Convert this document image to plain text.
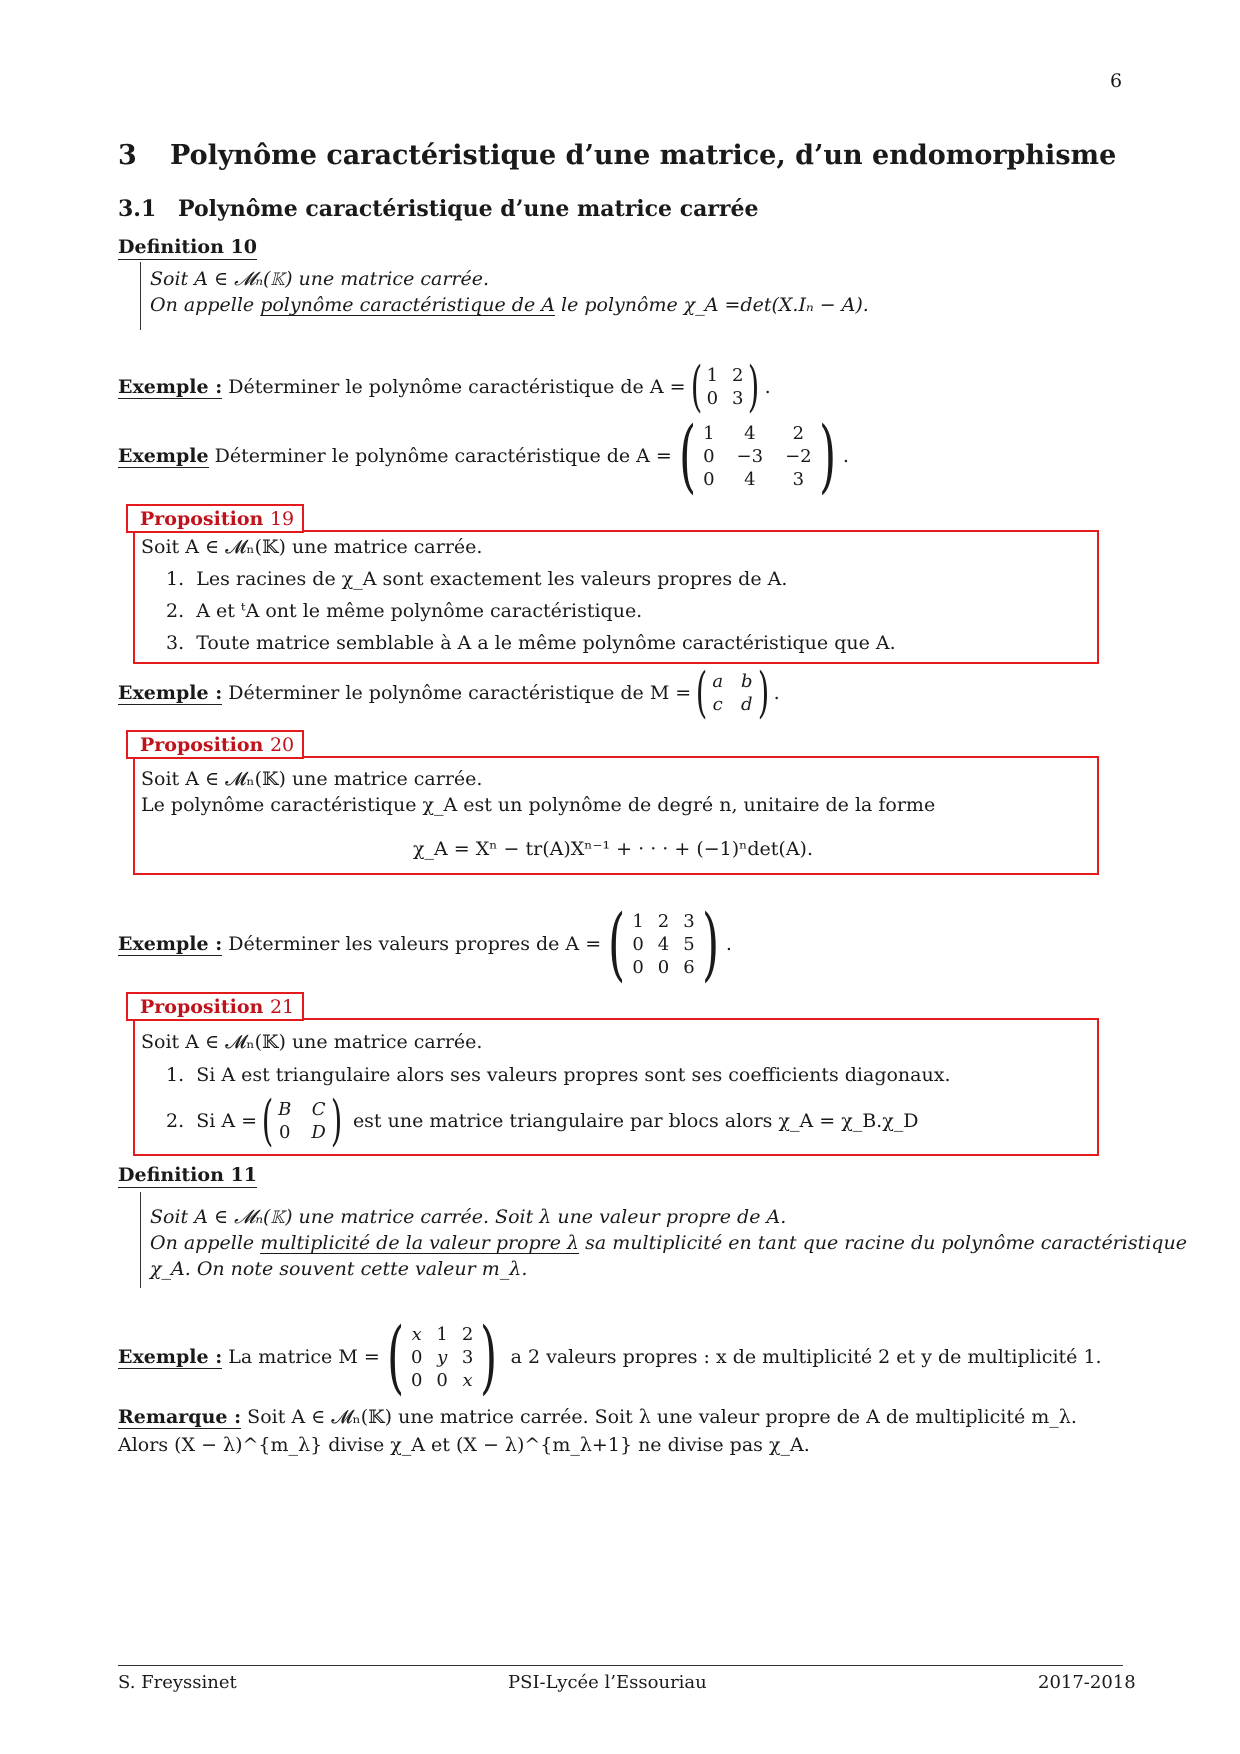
6
3 Polynôme caractéristique d’une matrice, d’un endomorphisme
3.1 Polynôme caractéristique d’une matrice carrée
Definition 10
Soit A ∈ 𝓜ₙ(𝕂) une matrice carrée.
On appelle polynôme caractéristique de A le polynôme χ_A =det(X.Iₙ − A).
Exemple :
Déterminer le polynôme caractéristique de A = ( 1 2
0 3 ) .
Exemple
Déterminer le polynôme caractéristique de A = ( 1	4	2
0 −3 −2
0	4	3 ) .
Proposition 19
Soit A ∈ 𝓜ₙ(𝕂) une matrice carrée.
1. Les racines de χ_A sont exactement les valeurs propres de A.
2. A et ᵗA ont le même polynôme caractéristique.
3. Toute matrice semblable à A a le même polynôme caractéristique que A.
Exemple :
Déterminer le polynôme caractéristique de M = ( a b
c d ) .
Proposition 20
Soit A ∈ 𝓜ₙ(𝕂) une matrice carrée.
Le polynôme caractéristique χ_A est un polynôme de degré n, unitaire de la forme
χ_A = Xⁿ − tr(A)Xⁿ⁻¹ + · · · + (−1)ⁿdet(A).
Exemple :
Déterminer les valeurs propres de A = ( 1 2 3
0 4 5
0 0 6 ) .
Proposition 21
Soit A ∈ 𝓜ₙ(𝕂) une matrice carrée.
1. Si A est triangulaire alors ses valeurs propres sont ses coefficients diagonaux.
2.
Si A = ( B C
0 D )
est une matrice triangulaire par blocs alors χ_A = χ_B.χ_D
Definition 11
Soit A ∈ 𝓜ₙ(𝕂) une matrice carrée. Soit λ une valeur propre de A.
On appelle multiplicité de la valeur propre λ sa multiplicité en tant que racine du polynôme caractéristique
χ_A. On note souvent cette valeur m_λ.
Exemple :
La matrice M = ( x 1 2
0 y 3
0 0 x )
a 2 valeurs propres : x de multiplicité 2 et y de multiplicité 1.
Remarque : Soit A ∈ 𝓜ₙ(𝕂) une matrice carrée. Soit λ une valeur propre de A de multiplicité m_λ.
Alors (X − λ)^{m_λ} divise χ_A et (X − λ)^{m_λ+1} ne divise pas χ_A.
S. Freyssinet	PSI-Lycée l’Essouriau	2017-2018
